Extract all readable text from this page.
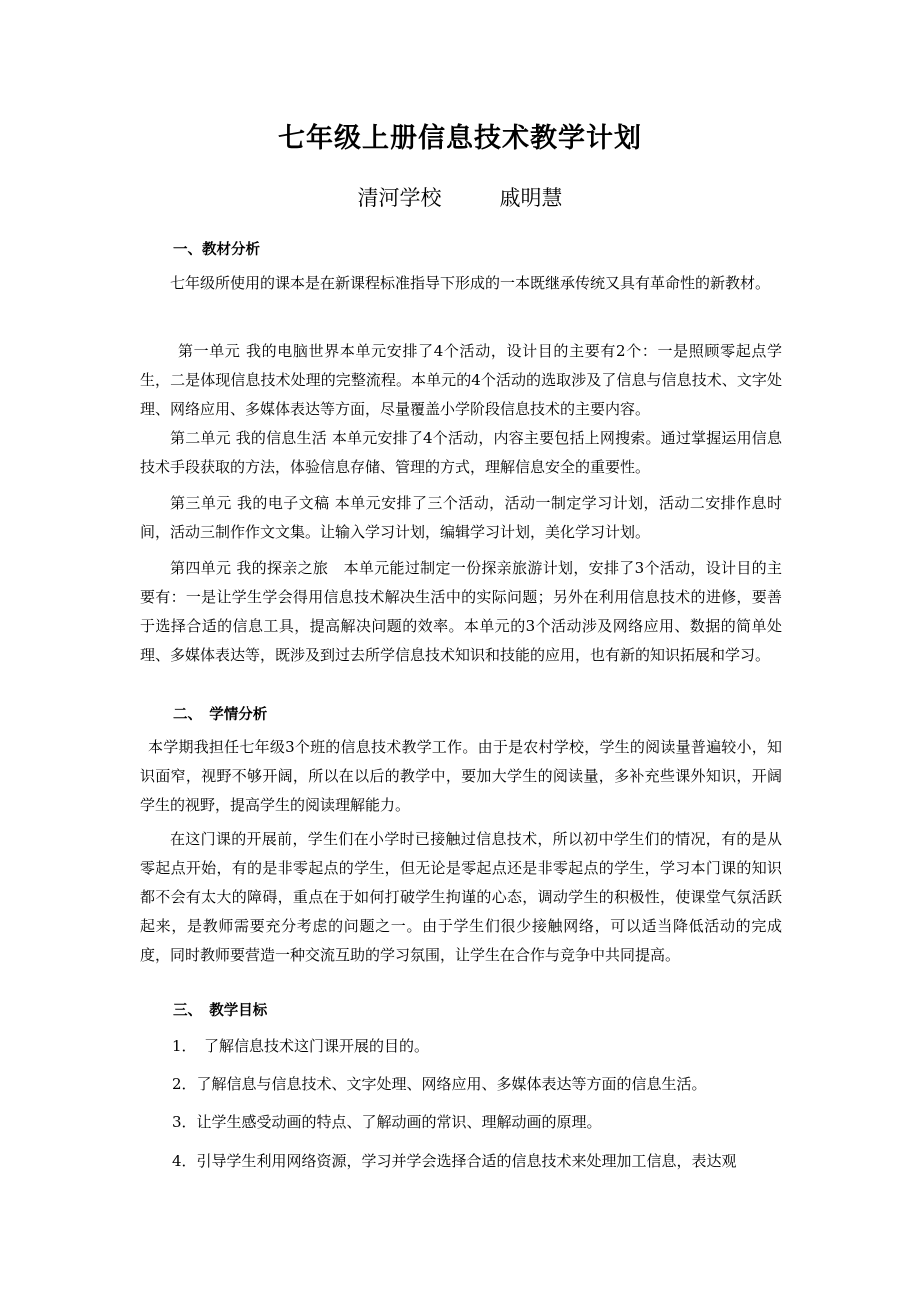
七年级上册信息技术教学计划
清河学校	戚明慧
一、教材分析

七年级所使用的课本是在新课程标准指导下形成的一本既继承传统又具有革命性的新教材。

第一单元 我的电脑世界本单元安排了4个活动，设计目的主要有2个：一是照顾零起点学生，二是体现信息技术处理的完整流程。本单元的4个活动的选取涉及了信息与信息技术、文字处理、网络应用、多媒体表达等方面，尽量覆盖小学阶段信息技术的主要内容。

第二单元 我的信息生活 本单元安排了4个活动，内容主要包括上网搜索。通过掌握运用信息技术手段获取的方法，体验信息存储、管理的方式，理解信息安全的重要性。

第三单元 我的电子文稿 本单元安排了三个活动，活动一制定学习计划，活动二安排作息时间，活动三制作作文文集。让输入学习计划，编辑学习计划，美化学习计划。

第四单元 我的探亲之旅　本单元能过制定一份探亲旅游计划，安排了3个活动，设计目的主要有：一是让学生学会得用信息技术解决生活中的实际问题；另外在利用信息技术的进修，要善于选择合适的信息工具，提高解决问题的效率。本单元的3个活动涉及网络应用、数据的简单处理、多媒体表达等，既涉及到过去所学信息技术知识和技能的应用，也有新的知识拓展和学习。

二、　学情分析

本学期我担任七年级3个班的信息技术教学工作。由于是农村学校，学生的阅读量普遍较小，知识面窄，视野不够开阔，所以在以后的教学中，要加大学生的阅读量，多补充些课外知识，开阔学生的视野，提高学生的阅读理解能力。

在这门课的开展前，学生们在小学时已接触过信息技术，所以初中学生们的情况，有的是从零起点开始，有的是非零起点的学生，但无论是零起点还是非零起点的学生，学习本门课的知识都不会有太大的障碍，重点在于如何打破学生拘谨的心态，调动学生的积极性，使课堂气氛活跃起来，是教师需要充分考虑的问题之一。由于学生们很少接触网络，可以适当降低活动的完成度，同时教师要营造一种交流互助的学习氛围，让学生在合作与竞争中共同提高。

三、　教学目标

1．　了解信息技术这门课开展的目的。

2．了解信息与信息技术、文字处理、网络应用、多媒体表达等方面的信息生活。

3．让学生感受动画的特点、了解动画的常识、理解动画的原理。

4．引导学生利用网络资源，学习并学会选择合适的信息技术来处理加工信息，表达观
